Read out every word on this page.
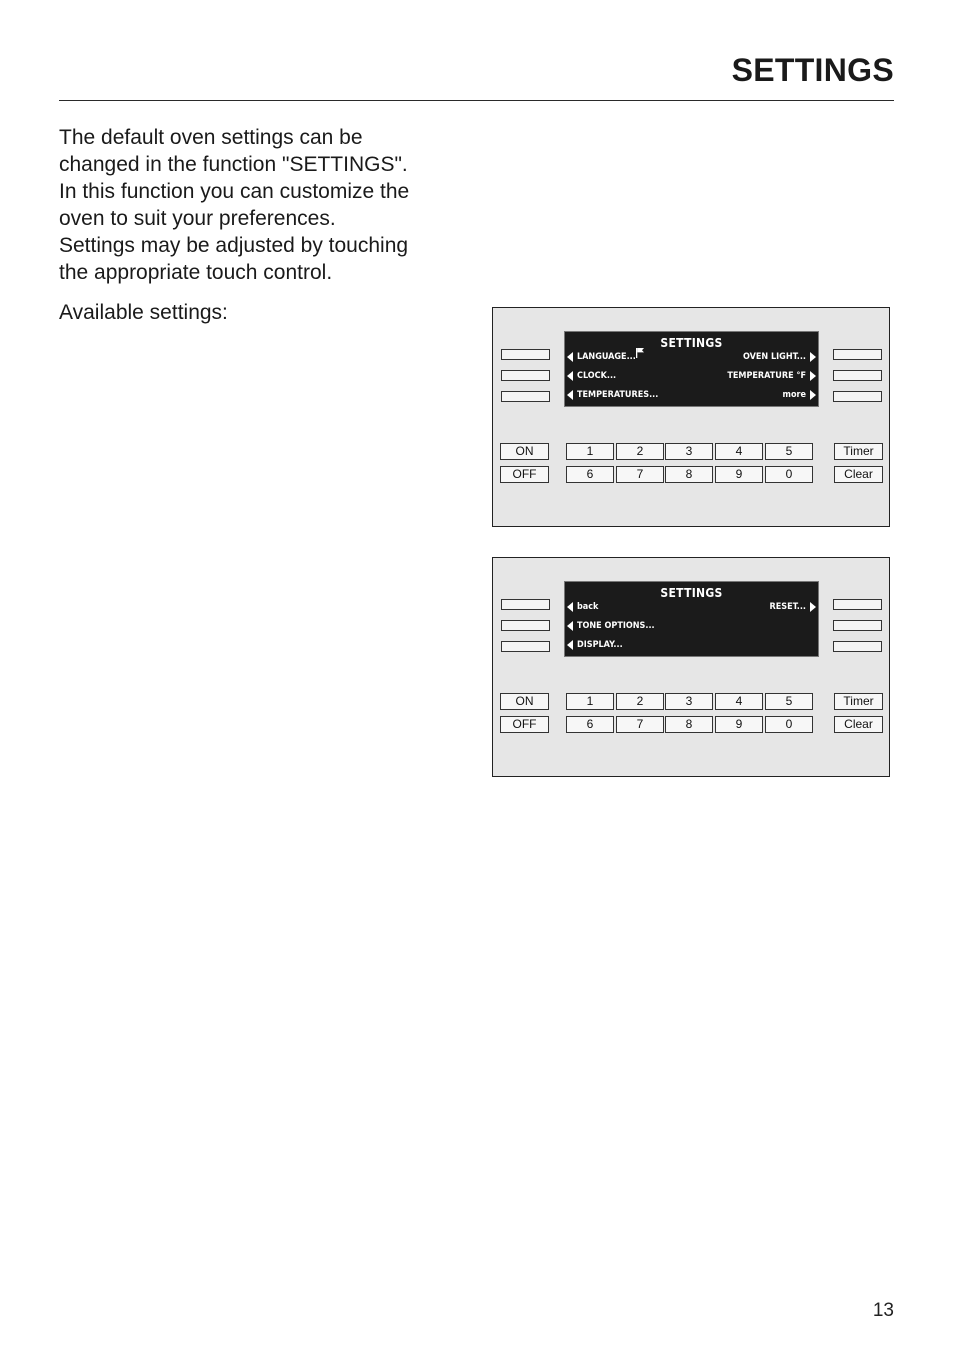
SETTINGS

The default oven settings can be
changed in the function "SETTINGS".
In this function you can customize the
oven to suit your preferences.
Settings may be adjusted by touching
the appropriate touch control.

Available settings:

SETTINGS
LANGUAGE...	OVEN LIGHT...
CLOCK...	TEMPERATURE °F
TEMPERATURES...	more
ON
OFF
1	2	3	4	5
6	7	8	9	0
Timer
Clear
SETTINGS
back	RESET...
TONE OPTIONS...
DISPLAY...
ON
OFF
1	2	3	4	5
6	7	8	9	0
Timer
Clear
13
